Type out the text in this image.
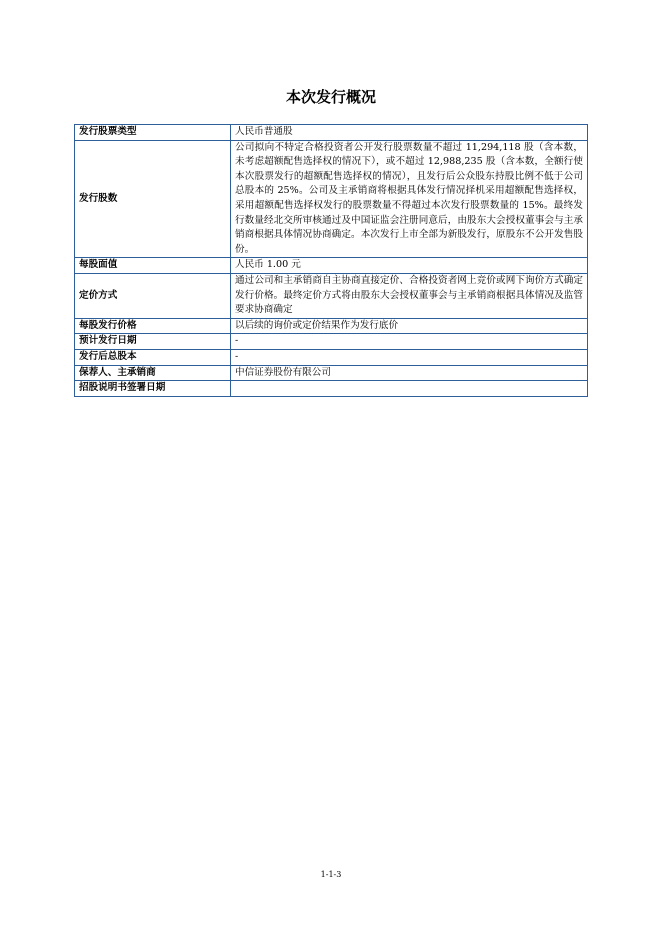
本次发行概况
发行股票类型	人民币普通股
发行股数	公司拟向不特定合格投资者公开发行股票数量不超过 11,294,118 股（含本数，未考虑超额配售选择权的情况下），或不超过 12,988,235 股（含本数，全额行使本次股票发行的超额配售选择权的情况），且发行后公众股东持股比例不低于公司总股本的 25%。公司及主承销商将根据具体发行情况择机采用超额配售选择权，采用超额配售选择权发行的股票数量不得超过本次发行股票数量的 15%。最终发行数量经北交所审核通过及中国证监会注册同意后，由股东大会授权董事会与主承销商根据具体情况协商确定。本次发行上市全部为新股发行，原股东不公开发售股份。
每股面值	人民币 1.00 元
定价方式	通过公司和主承销商自主协商直接定价、合格投资者网上竞价或网下询价方式确定发行价格。最终定价方式将由股东大会授权董事会与主承销商根据具体情况及监管要求协商确定
每股发行价格	以后续的询价或定价结果作为发行底价
预计发行日期	-
发行后总股本	-
保荐人、主承销商	中信证券股份有限公司
招股说明书签署日期	
1-1-3
